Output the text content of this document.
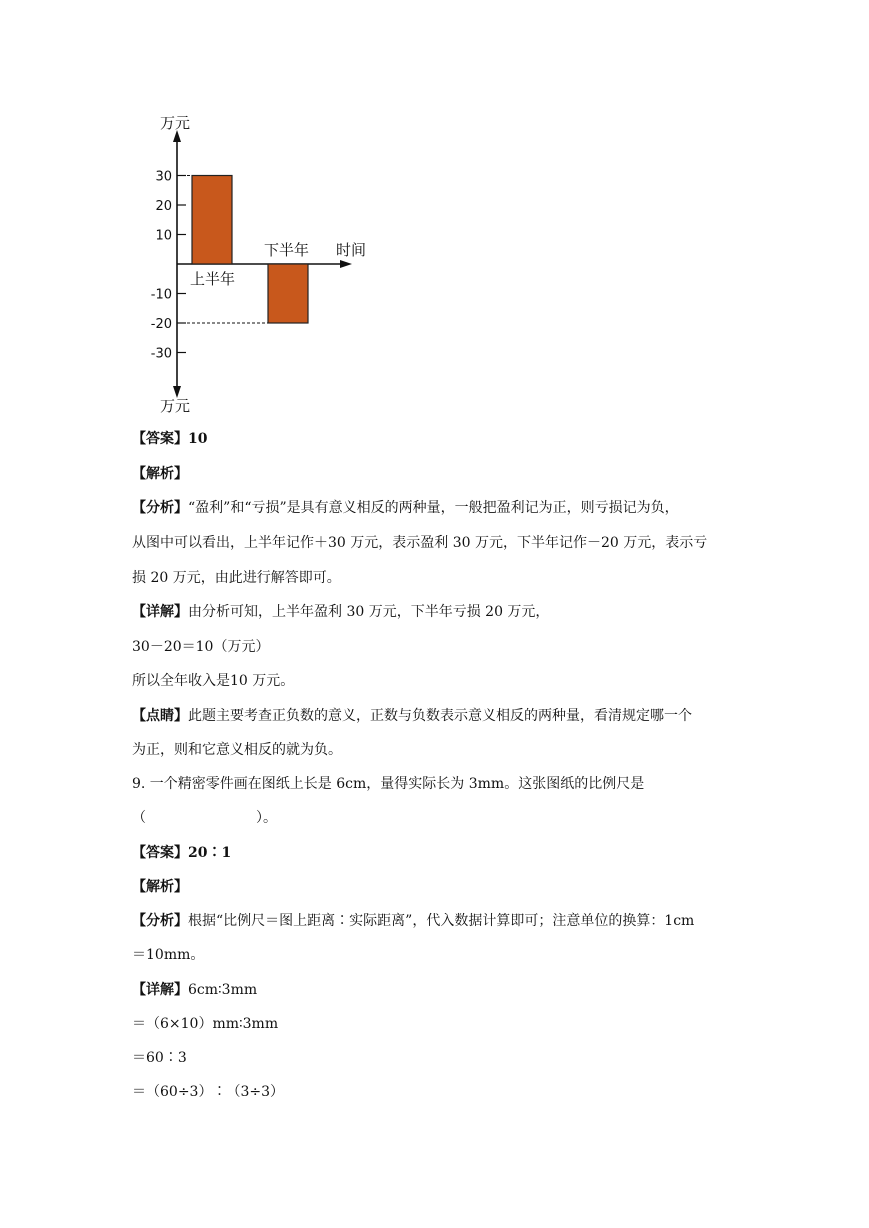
30
20
10
-10
-20
-30
万元
万元
时间
上半年
下半年
【答案】10
【解析】
【分析】“盈利”和“亏损”是具有意义相反的两种量，一般把盈利记为正，则亏损记为负，
从图中可以看出，上半年记作＋30 万元，表示盈利 30 万元，下半年记作－20 万元，表示亏
损 20 万元，由此进行解答即可。
【详解】由分析可知，上半年盈利 30 万元，下半年亏损 20 万元，
30－20＝10（万元）
所以全年收入是10 万元。
【点睛】此题主要考查正负数的意义，正数与负数表示意义相反的两种量，看清规定哪一个
为正，则和它意义相反的就为负。
9. 一个精密零件画在图纸上长是 6cm，量得实际长为 3mm。这张图纸的比例尺是
（	）。
【答案】20∶1
【解析】
【分析】根据“比例尺＝图上距离∶实际距离”，代入数据计算即可；注意单位的换算：1cm
＝10mm。
【详解】6cm∶3mm
＝（6×10）mm∶3mm
＝60∶3
＝（60÷3）∶（3÷3）
